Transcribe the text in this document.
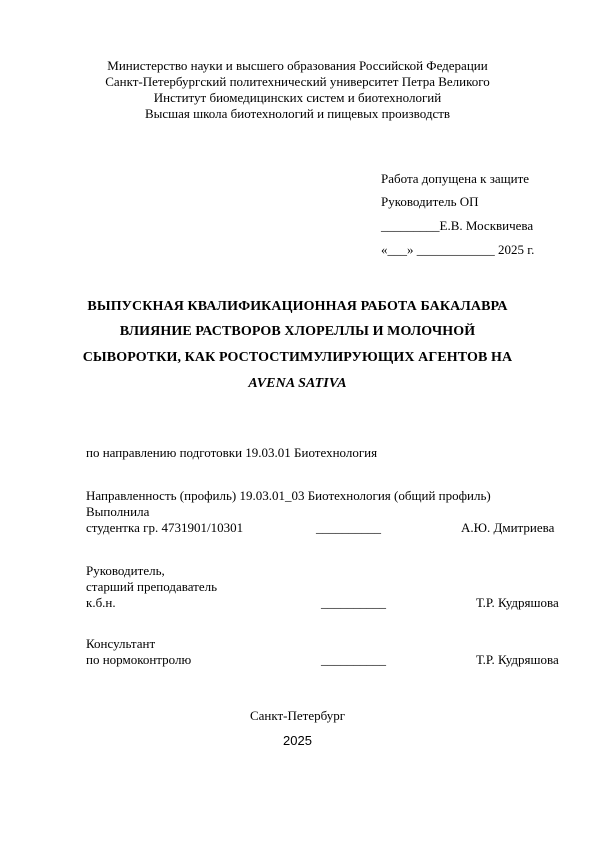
Министерство науки и высшего образования Российской Федерации
Санкт-Петербургский политехнический университет Петра Великого
Институт биомедицинских систем и биотехнологий
Высшая школа биотехнологий и пищевых производств
Работа допущена к защите
Руководитель ОП
_________Е.В. Москвичева
«___» ____________ 2025 г.
ВЫПУСКНАЯ КВАЛИФИКАЦИОННАЯ РАБОТА БАКАЛАВРА
ВЛИЯНИЕ РАСТВОРОВ ХЛОРЕЛЛЫ И МОЛОЧНОЙ
СЫВОРОТКИ, КАК РОСТОСТИМУЛИРУЮЩИХ АГЕНТОВ НА
AVENA SATIVA
по направлению подготовки 19.03.01 Биотехнология
Направленность (профиль) 19.03.01_03 Биотехнология (общий профиль)
Выполнила
студентка гр. 4731901/10301	__________	А.Ю. Дмитриева
Руководитель,
старший преподаватель
к.б.н.	__________	Т.Р. Кудряшова
Консультант
по нормоконтролю	__________	Т.Р. Кудряшова
Санкт-Петербург
2025
